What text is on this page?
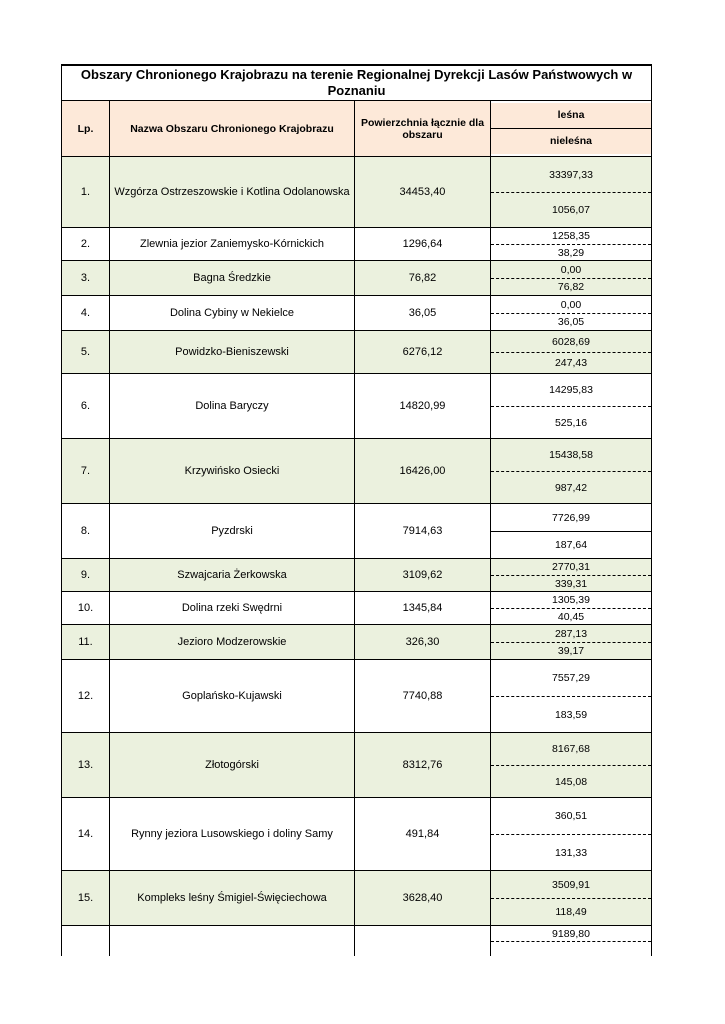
Obszary Chronionego Krajobrazu na terenie Regionalnej Dyrekcji Lasów Państwowych w Poznaniu			
Lp.	Nazwa Obszaru Chronionego Krajobrazu	Powierzchnia łącznie dla obszaru	leśna
nieleśna

1.	Wzgórza Ostrzeszowskie i Kotlina Odolanowska	34453,40	33397,33
1056,07

2.	Zlewnia jezior Zaniemysko-Kórnickich	1296,64	1258,35
38,29

3.	Bagna Średzkie	76,82	0,00
76,82

4.	Dolina Cybiny w Nekielce	36,05	0,00
36,05

5.	Powidzko-Bieniszewski	6276,12	6028,69
247,43

6.	Dolina Baryczy	14820,99	14295,83
525,16

7.	Krzywińsko Osiecki	16426,00	15438,58
987,42

8.	Pyzdrski	7914,63	7726,99
187,64

9.	Szwajcaria Żerkowska	3109,62	2770,31
339,31

10.	Dolina rzeki Swędrni	1345,84	1305,39
40,45

11.	Jezioro Modzerowskie	326,30	287,13
39,17

12.	Goplańsko-Kujawski	7740,88	7557,29
183,59

13.	Złotogórski	8312,76	8167,68
145,08

14.	Rynny jeziora Lusowskiego i doliny Samy	491,84	360,51
131,33

15.	Kompleks leśny Śmigiel-Święciechowa	3628,40	3509,91
118,49

9189,80
